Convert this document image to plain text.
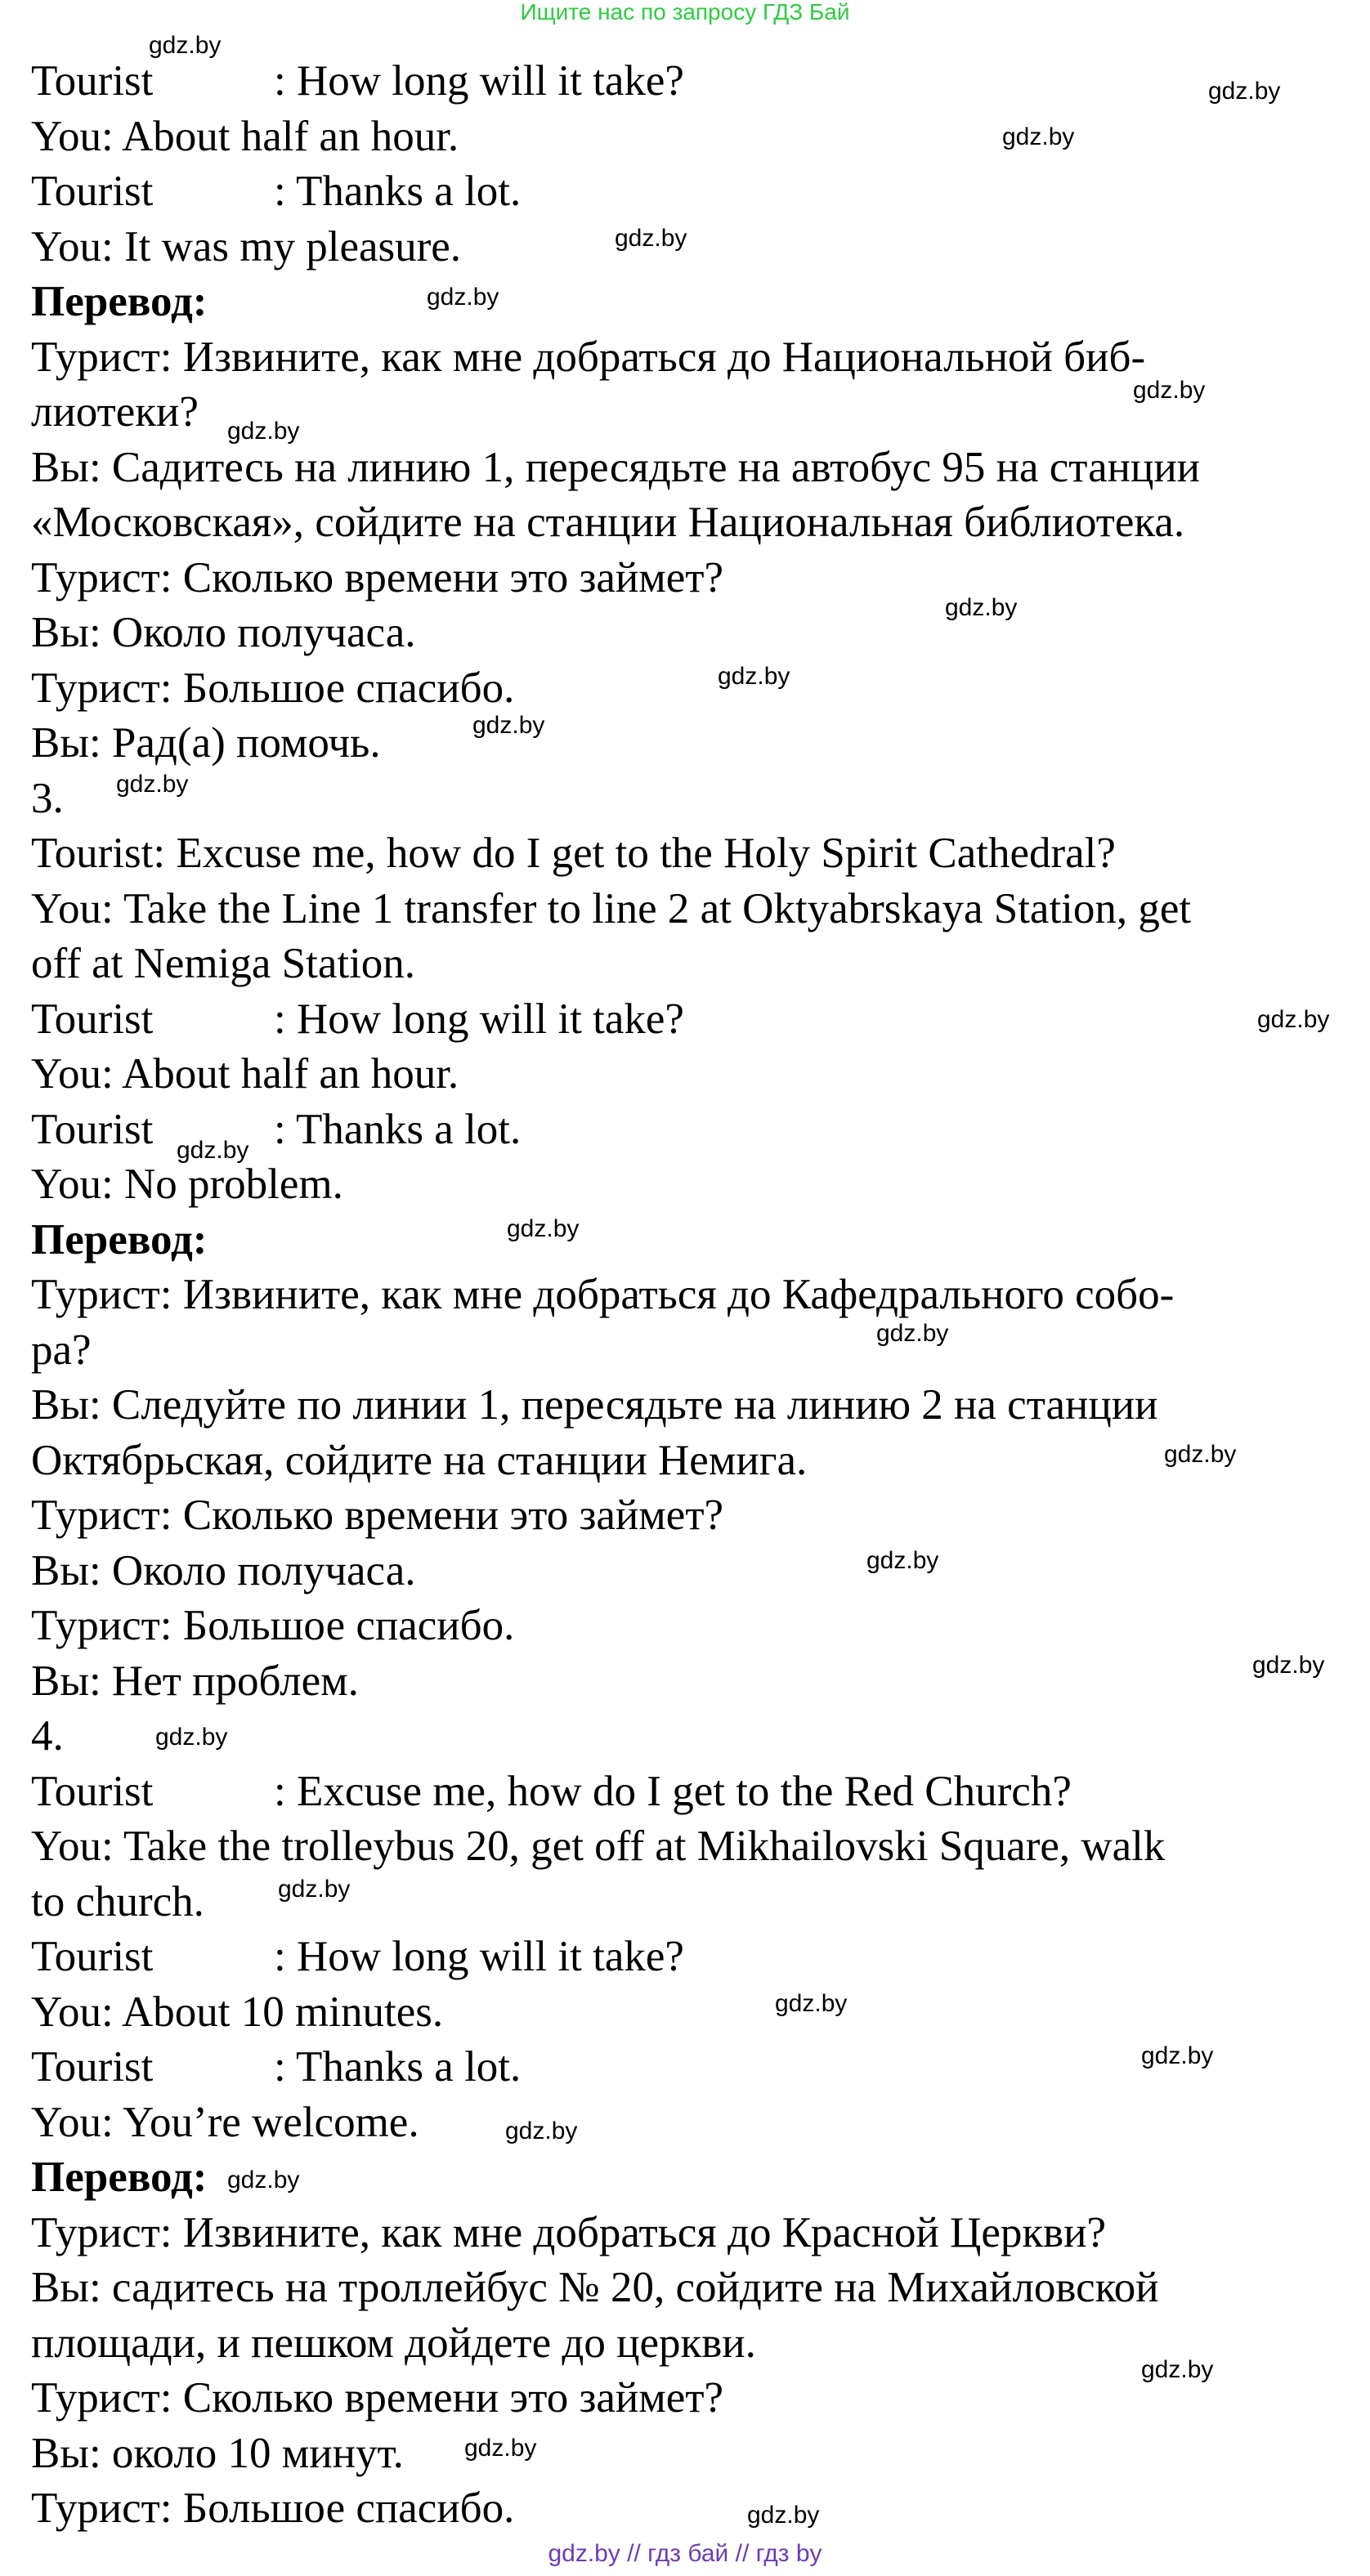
Ищите нас по запросу ГДЗ Бай
Tourist	: How long will it take?
You: About half an hour.
Tourist	: Thanks a lot.
You: It was my pleasure.
Перевод:
Турист: Извините, как мне добраться до Национальной биб-
лиотеки?
Вы: Садитесь на линию 1, пересядьте на автобус 95 на станции
«Московская», сойдите на станции Национальная библиотека.
Турист: Сколько времени это займет?
Вы: Около получаса.
Турист: Большое спасибо.
Вы: Рад(а) помочь.
3.
Tourist: Excuse me, how do I get to the Holy Spirit Cathedral?
You: Take the Line 1 transfer to line 2 at Oktyabrskaya Station, get
off at Nemiga Station.
Tourist	: How long will it take?
You: About half an hour.
Tourist	: Thanks a lot.
You: No problem.
Перевод:
Турист: Извините, как мне добраться до Кафедрального собо-
ра?
Вы: Следуйте по линии 1, пересядьте на линию 2 на станции
Октябрьская, сойдите на станции Немига.
Турист: Сколько времени это займет?
Вы: Около получаса.
Турист: Большое спасибо.
Вы: Нет проблем.
4.
Tourist	: Excuse me, how do I get to the Red Church?
You: Take the trolleybus 20, get off at Mikhailovski Square, walk
to church.
Tourist	: How long will it take?
You: About 10 minutes.
Tourist	: Thanks a lot.
You: You’re welcome.
Перевод:
Турист: Извините, как мне добраться до Красной Церкви?
Вы: садитесь на троллейбус № 20, сойдите на Михайловской
площади, и пешком дойдете до церкви.
Турист: Сколько времени это займет?
Вы: около 10 минут.
Турист: Большое спасибо.
gdz.by
gdz.by
gdz.by
gdz.by
gdz.by
gdz.by
gdz.by
gdz.by
gdz.by
gdz.by
gdz.by
gdz.by
gdz.by
gdz.by
gdz.by
gdz.by
gdz.by
gdz.by
gdz.by
gdz.by
gdz.by
gdz.by
gdz.by
gdz.by
gdz.by
gdz.by
gdz.by
gdz.by // гдз бай // гдз by
